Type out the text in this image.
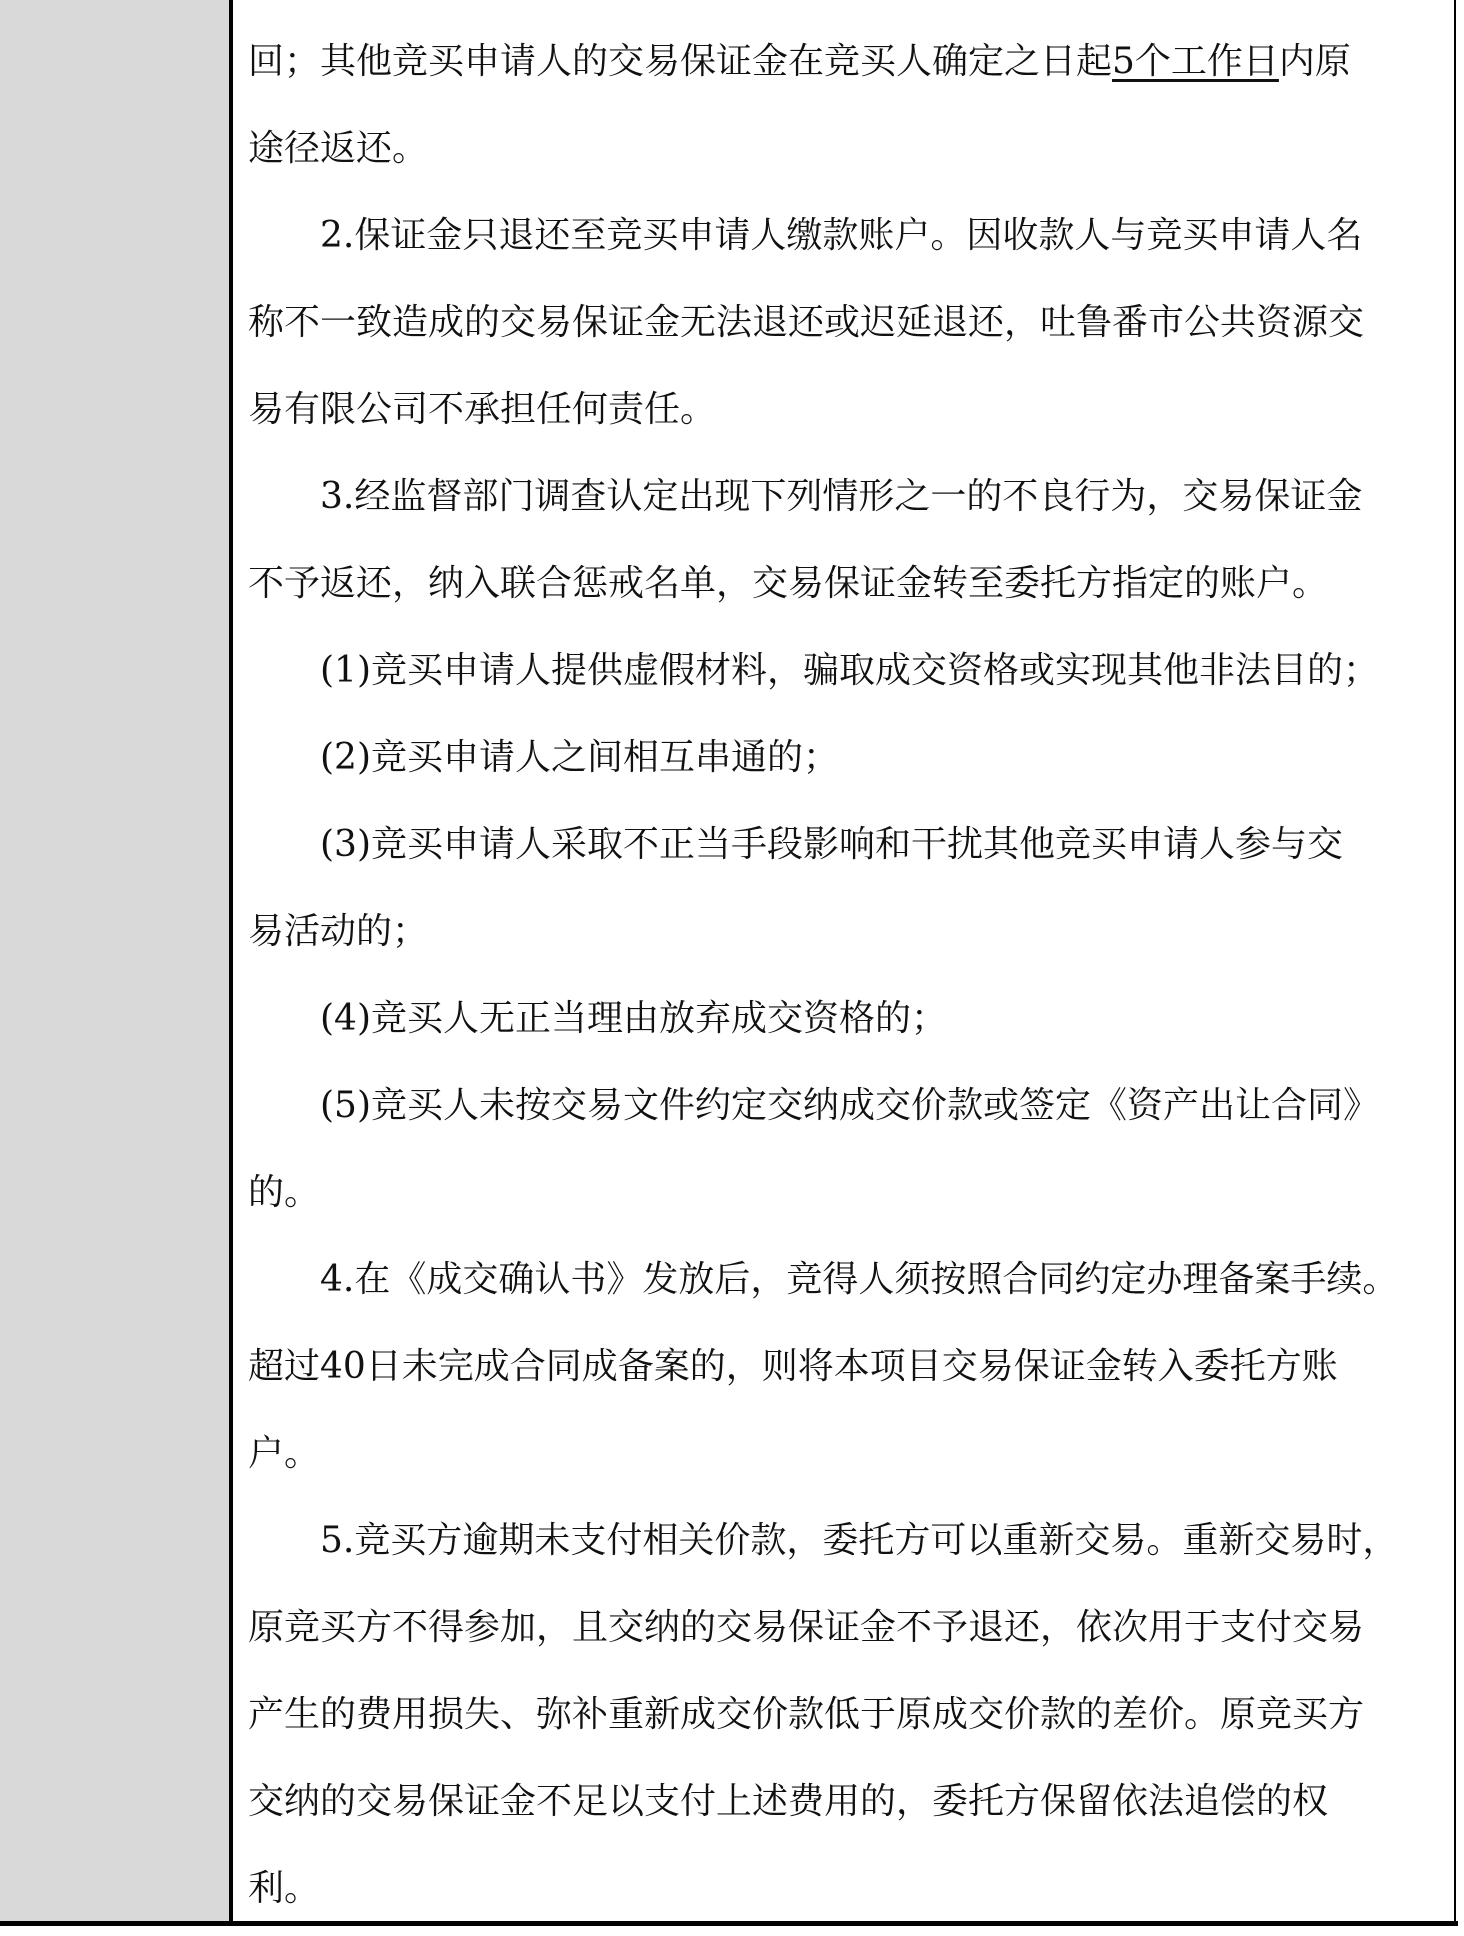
回；其他竞买申请人的交易保证金在竞买人确定之日起5个工作日内原
途径返还。
2.保证金只退还至竞买申请人缴款账户。因收款人与竞买申请人名
称不一致造成的交易保证金无法退还或迟延退还，吐鲁番市公共资源交
易有限公司不承担任何责任。
3.经监督部门调查认定出现下列情形之一的不良行为，交易保证金
不予返还，纳入联合惩戒名单，交易保证金转至委托方指定的账户。
(1)竞买申请人提供虚假材料，骗取成交资格或实现其他非法目的；
(2)竞买申请人之间相互串通的；
(3)竞买申请人采取不正当手段影响和干扰其他竞买申请人参与交
易活动的；
(4)竞买人无正当理由放弃成交资格的；
(5)竞买人未按交易文件约定交纳成交价款或签定《资产出让合同》
的。
4.在《成交确认书》发放后，竞得人须按照合同约定办理备案手续。
超过40日未完成合同成备案的，则将本项目交易保证金转入委托方账
户。
5.竞买方逾期未支付相关价款，委托方可以重新交易。重新交易时，
原竞买方不得参加，且交纳的交易保证金不予退还，依次用于支付交易
产生的费用损失、弥补重新成交价款低于原成交价款的差价。原竞买方
交纳的交易保证金不足以支付上述费用的，委托方保留依法追偿的权
利。
